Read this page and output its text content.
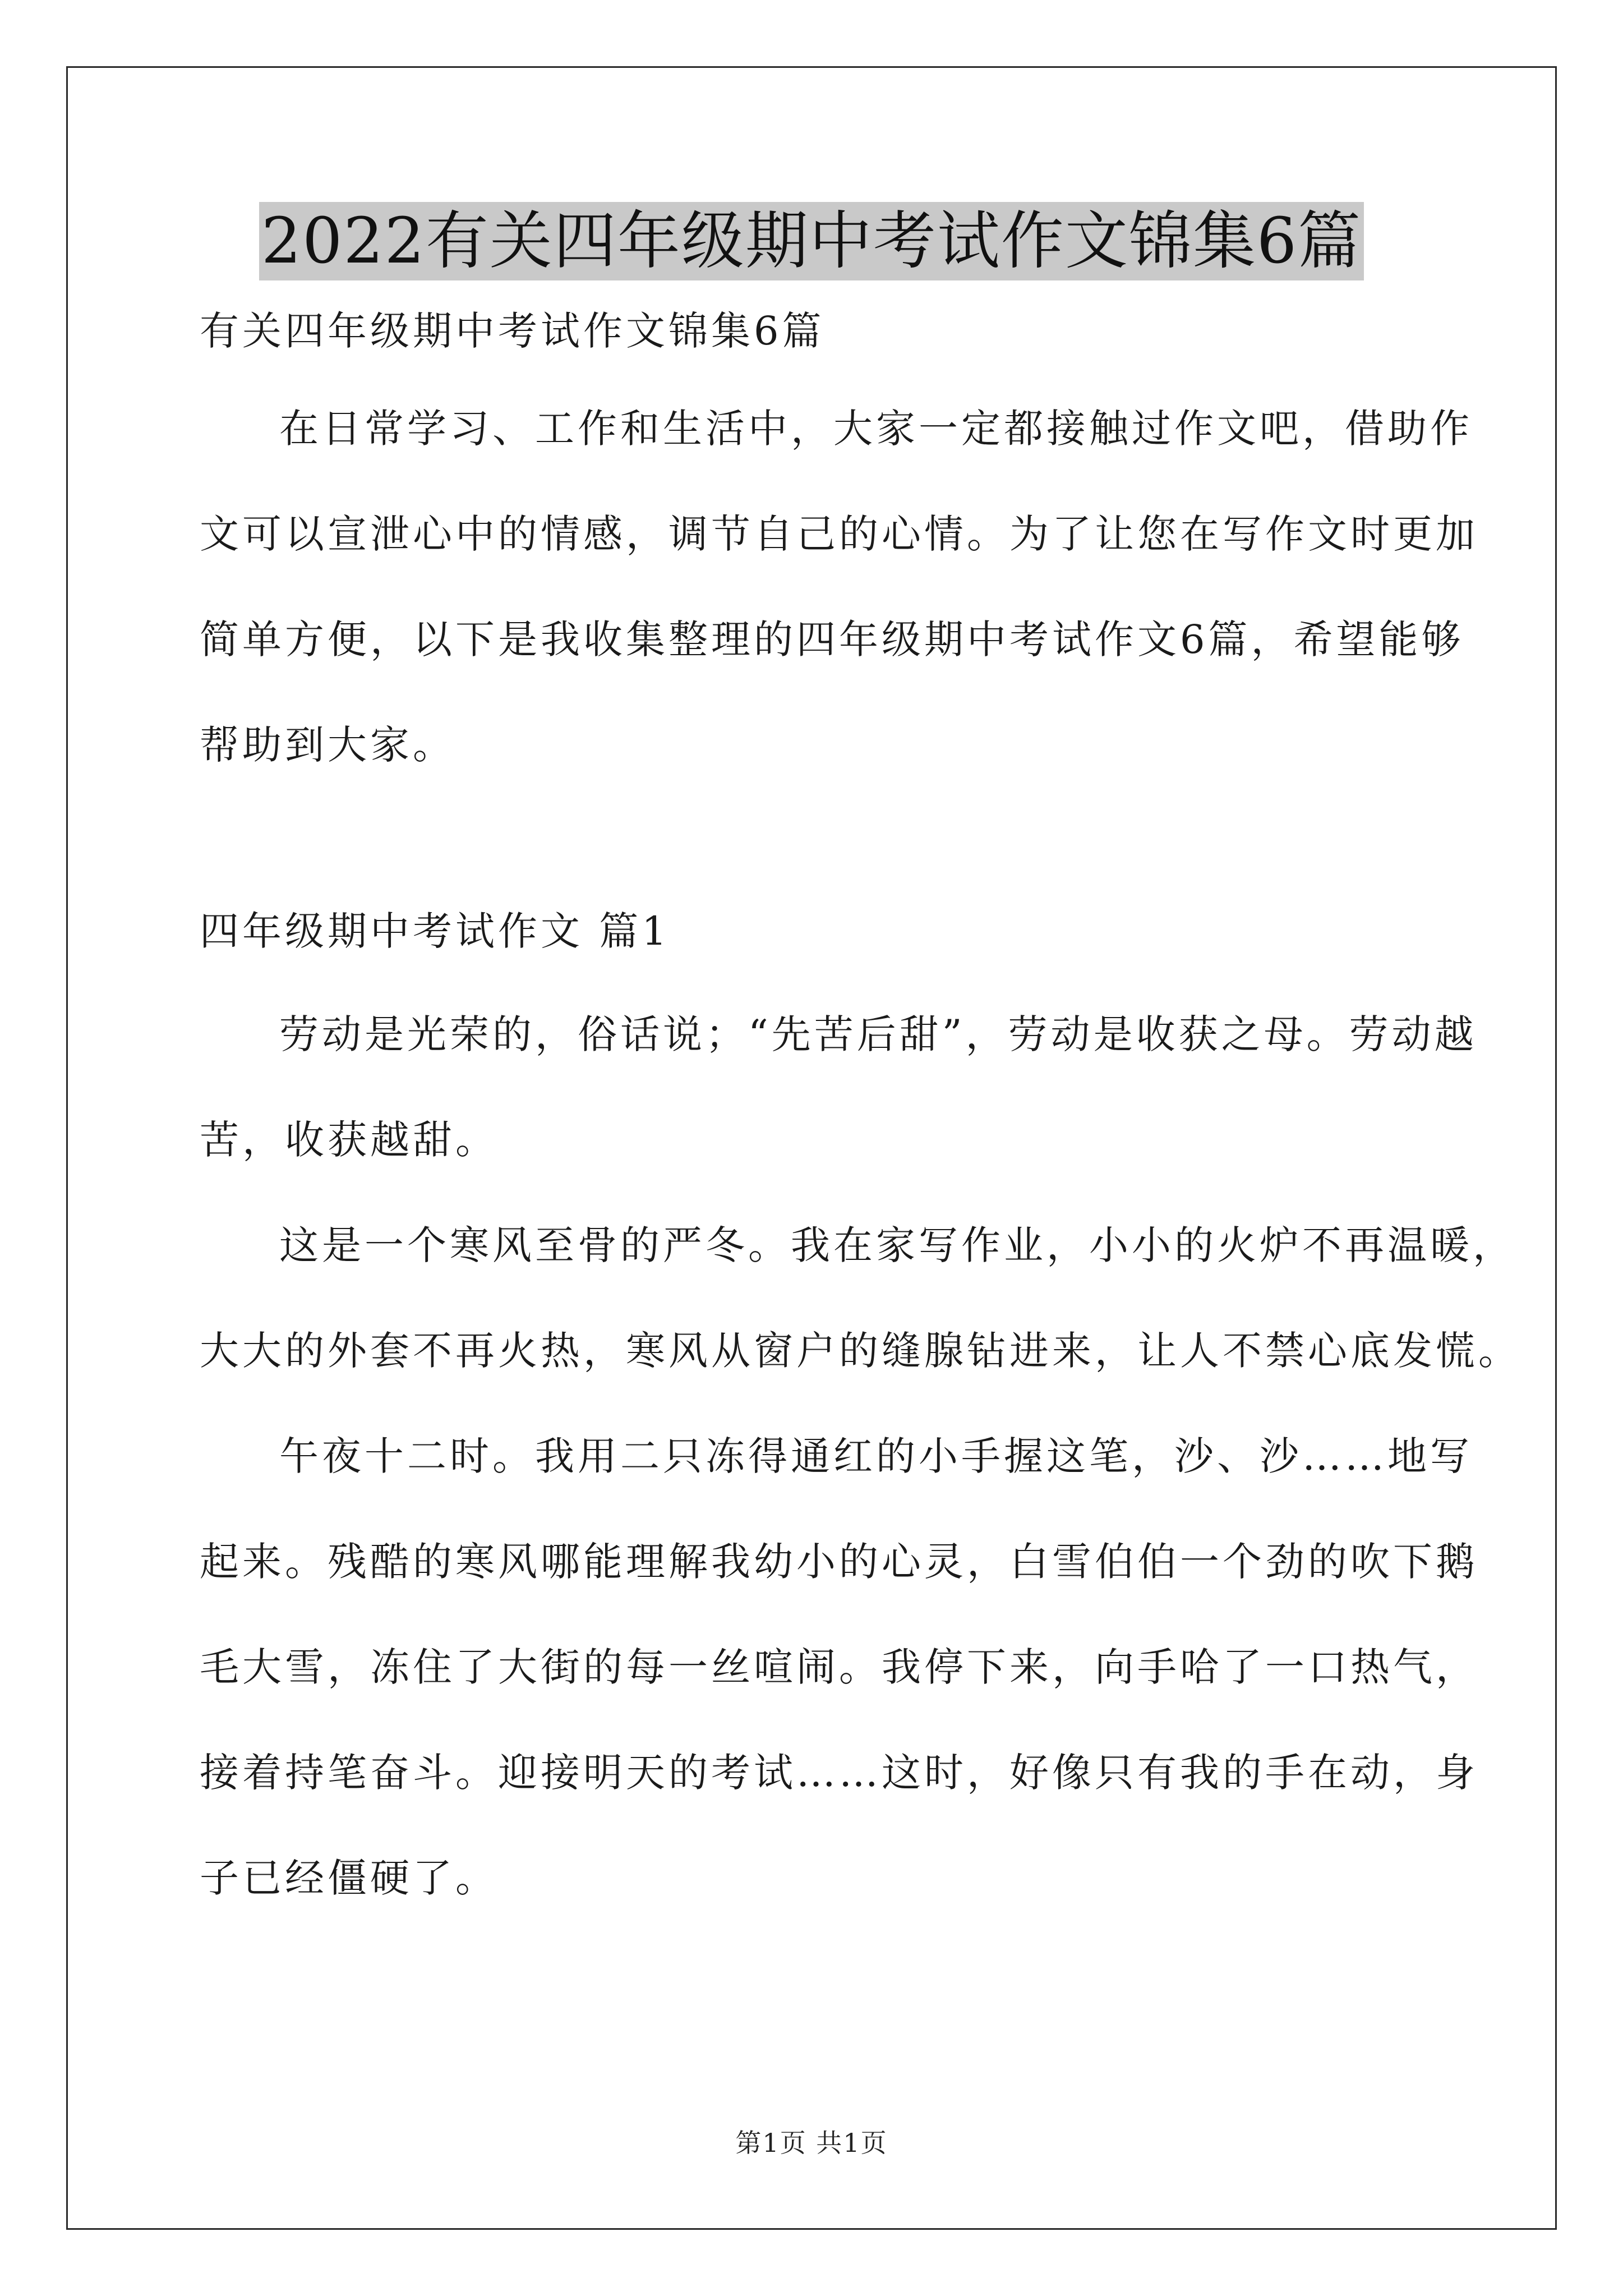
2022有关四年级期中考试作文锦集6篇

有关四年级期中考试作文锦集6篇

在日常学习、工作和生活中，大家一定都接触过作文吧，借助作
文可以宣泄心中的情感，调节自己的心情。为了让您在写作文时更加
简单方便，以下是我收集整理的四年级期中考试作文6篇，希望能够
帮助到大家。

四年级期中考试作文 篇1

劳动是光荣的，俗话说；“先苦后甜”，劳动是收获之母。劳动越
苦，收获越甜。
这是一个寒风至骨的严冬。我在家写作业，小小的火炉不再温暖，
大大的外套不再火热，寒风从窗户的缝腺钻进来，让人不禁心底发慌。
午夜十二时。我用二只冻得通红的小手握这笔，沙、沙……地写
起来。残酷的寒风哪能理解我幼小的心灵，白雪伯伯一个劲的吹下鹅
毛大雪，冻住了大街的每一丝喧闹。我停下来，向手哈了一口热气，
接着持笔奋斗。迎接明天的考试……这时，好像只有我的手在动，身
子已经僵硬了。
第1页 共1页
